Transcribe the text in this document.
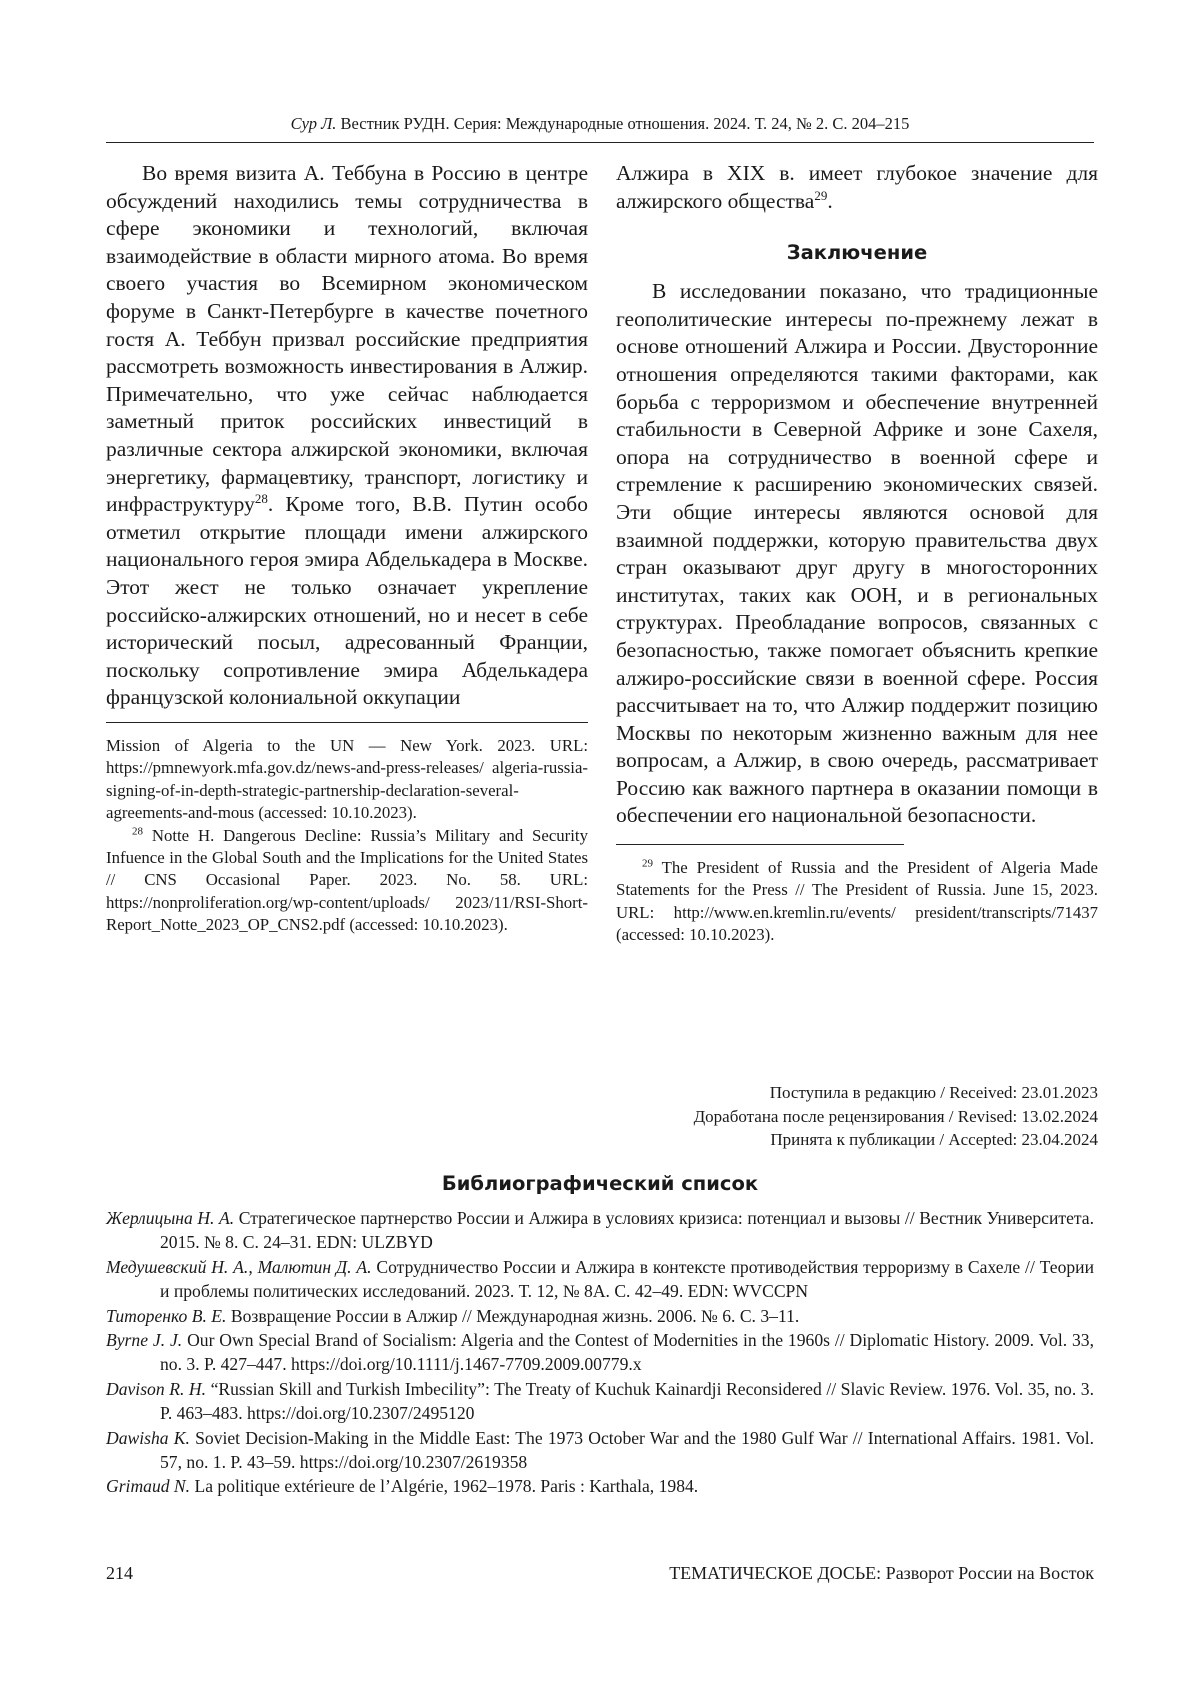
Сур Л. Вестник РУДН. Серия: Международные отношения. 2024. Т. 24, № 2. С. 204–215

Во время визита А. Теббуна в Россию в центре обсуждений находились темы сотрудничества в сфере экономики и технологий, включая взаимодействие в области мирного атома. Во время своего участия во Всемирном экономическом форуме в Санкт-Петербурге в качестве почетного гостя А. Теббун призвал российские предприятия рассмотреть возможность инвестирования в Алжир. Примечательно, что уже сейчас наблюдается заметный приток российских инвестиций в различные сектора алжирской экономики, включая энергетику, фармацевтику, транспорт, логистику и инфраструктуру28. Кроме того, В.В. Путин особо отметил открытие площади имени алжирского национального героя эмира Абделькадера в Москве. Этот жест не только означает укрепление российско-алжирских отношений, но и несет в себе исторический посыл, адресованный Франции, поскольку сопротивление эмира Абделькадера французской колониальной оккупации

Mission of Algeria to the UN — New York. 2023. URL: https://pmnewyork.mfa.gov.dz/news-and-press-releases/ algeria-russia-signing-of-in-depth-strategic-partnership-declaration-several-agreements-and-mous (accessed: 10.10.2023).

28 Notte H. Dangerous Decline: Russia’s Military and Security Infuence in the Global South and the Implications for the United States // CNS Occasional Paper. 2023. No. 58. URL: https://nonproliferation.org/wp-content/uploads/ 2023/11/RSI-Short-Report_Notte_2023_OP_CNS2.pdf (accessed: 10.10.2023).

Алжира в XIX в. имеет глубокое значение для алжирского общества29.

Заключение

В исследовании показано, что традиционные геополитические интересы по-прежнему лежат в основе отношений Алжира и России. Двусторонние отношения определяются такими факторами, как борьба с терроризмом и обеспечение внутренней стабильности в Северной Африке и зоне Сахеля, опора на сотрудничество в военной сфере и стремление к расширению экономических связей. Эти общие интересы являются основой для взаимной поддержки, которую правительства двух стран оказывают друг другу в многосторонних институтах, таких как ООН, и в региональных структурах. Преобладание вопросов, связанных с безопасностью, также помогает объяснить крепкие алжиро-российские связи в военной сфере. Россия рассчитывает на то, что Алжир поддержит позицию Москвы по некоторым жизненно важным для нее вопросам, а Алжир, в свою очередь, рассматривает Россию как важного партнера в оказании помощи в обеспечении его национальной безопасности.

29 The President of Russia and the President of Algeria Made Statements for the Press // The President of Russia. June 15, 2023. URL: http://www.en.kremlin.ru/events/ president/transcripts/71437 (accessed: 10.10.2023).

Поступила в редакцию / Received: 23.01.2023
Доработана после рецензирования / Revised: 13.02.2024
Принята к публикации / Accepted: 23.04.2024
Библиографический список
Жерлицына Н. А. Стратегическое партнерство России и Алжира в условиях кризиса: потенциал и вызовы // Вестник Университета. 2015. № 8. С. 24–31. EDN: ULZBYD
Медушевский Н. А., Малютин Д. А. Сотрудничество России и Алжира в контексте противодействия терроризму в Сахеле // Теории и проблемы политических исследований. 2023. Т. 12, № 8А. С. 42–49. EDN: WVCCPN
Титоренко В. Е. Возвращение России в Алжир // Международная жизнь. 2006. № 6. С. 3–11.
Byrne J. J. Our Own Special Brand of Socialism: Algeria and the Contest of Modernities in the 1960s // Diplomatic History. 2009. Vol. 33, no. 3. P. 427–447. https://doi.org/10.1111/j.1467-7709.2009.00779.x
Davison R. H. “Russian Skill and Turkish Imbecility”: The Treaty of Kuchuk Kainardji Reconsidered // Slavic Review. 1976. Vol. 35, no. 3. P. 463–483. https://doi.org/10.2307/2495120
Dawisha K. Soviet Decision-Making in the Middle East: The 1973 October War and the 1980 Gulf War // International Affairs. 1981. Vol. 57, no. 1. P. 43–59. https://doi.org/10.2307/2619358
Grimaud N. La politique extérieure de l’Algérie, 1962–1978. Paris : Karthala, 1984.
214	ТЕМАТИЧЕСКОЕ ДОСЬЕ: Разворот России на Восток
